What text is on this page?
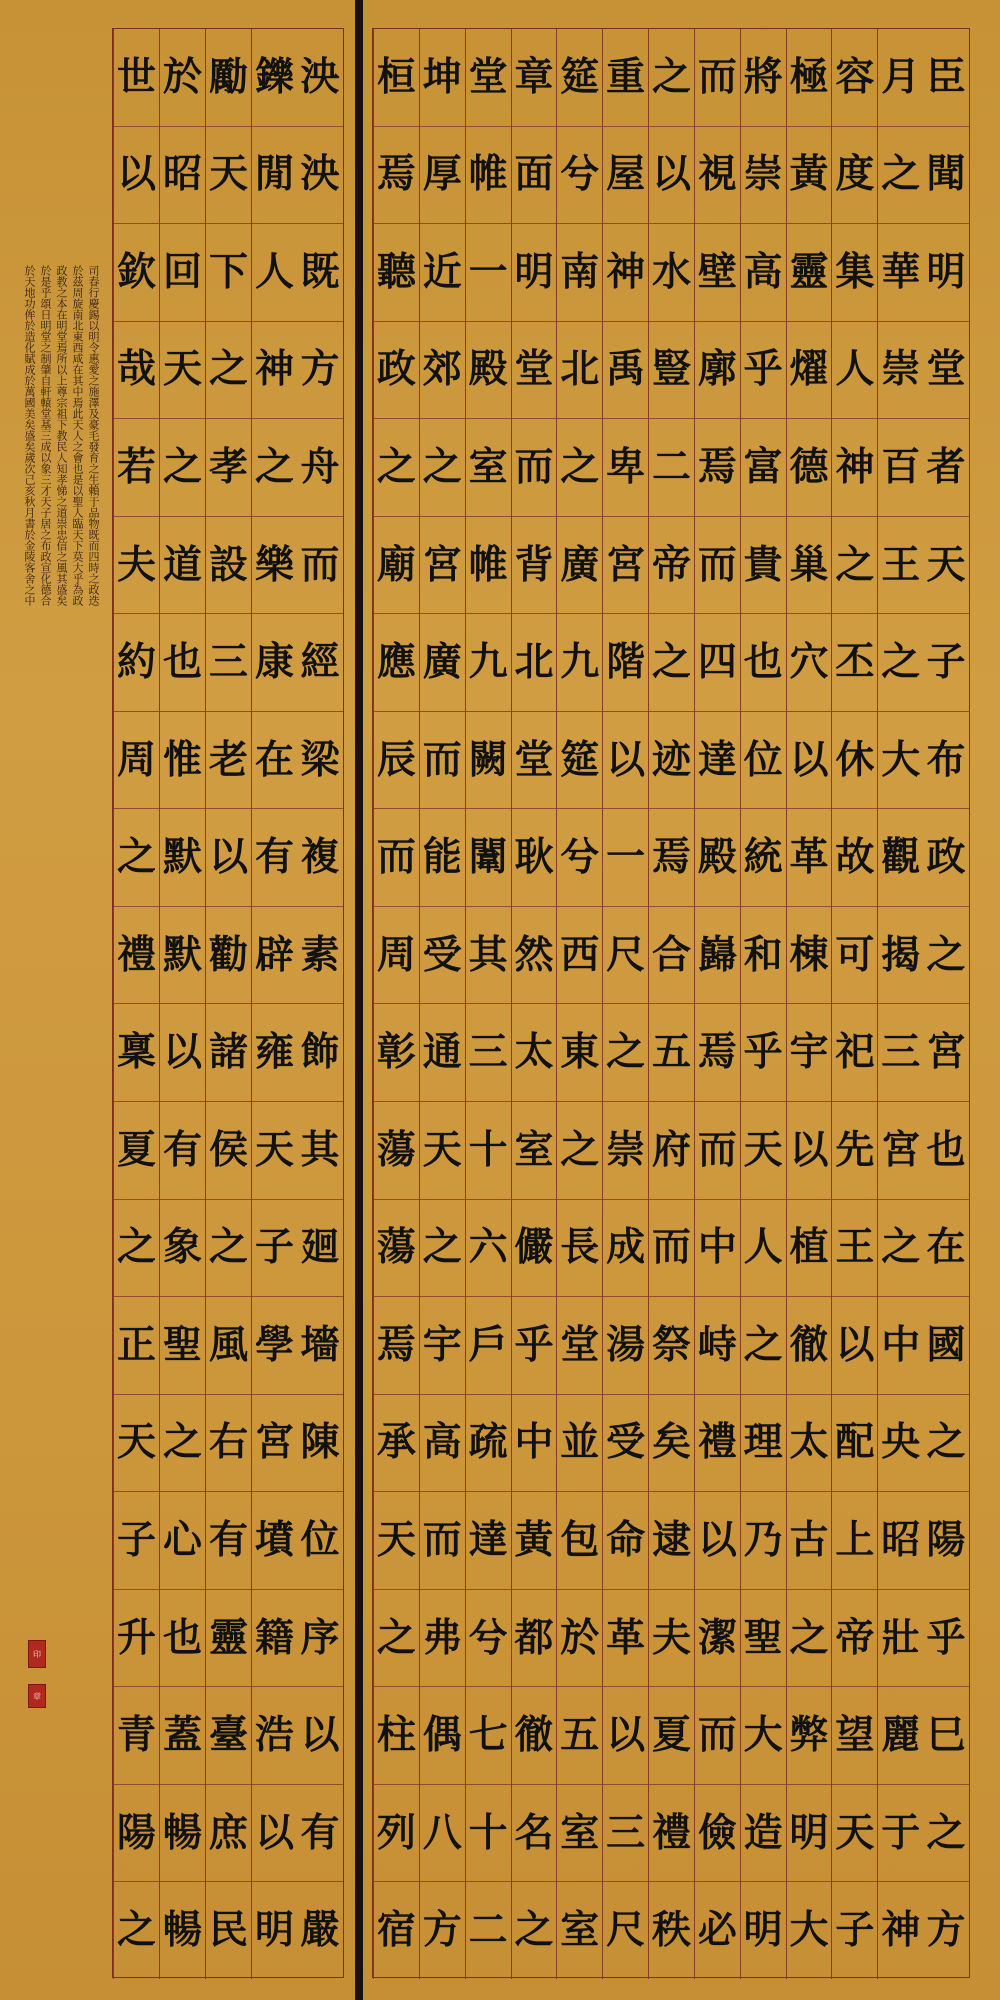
司春行慶錫以明令惠愛之施澤及豪毛發育之生賴于品物既而四時之政迭
於茲周旋南北東西咸在其中焉此天人之會也是以聖人臨天下莫大乎為政
政教之本在明堂焉所以上尊宗祖下教民人知孝悌之道崇忠信之風其盛矣
於是乎頌日明堂之制肇自軒轅堂基三成以象三才天子居之布政宣化德合
於天地功侔於造化賦成於萬國美矣盛矣歲次己亥秋月書於金陵客舍之中
印
章
泱
泱
既
方
舟
而
經
梁
複
素
飾
其
廻
墻
陳
位
序
以
有
嚴
鑠
閒
人
神
之
樂
康
在
有
辟
雍
天
子
學
宮
墳
籍
浩
以
明
勵
天
下
之
孝
設
三
老
以
勸
諸
侯
之
風
右
有
靈
臺
庶
民
於
昭
回
天
之
道
也
惟
默
默
以
有
象
聖
之
心
也
蓋
暢
暢
世
以
欽
哉
若
夫
約
周
之
禮
稟
夏
之
正
天
子
升
青
陽
之
臣
聞
明
堂
者
天
子
布
政
之
宮
也
在
國
之
陽
乎
巳
之
方
月
之
華
崇
百
王
之
大
觀
揭
三
宮
之
中
央
昭
壯
麗
于
神
容
度
集
人
神
之
丕
休
故
可
祀
先
王
以
配
上
帝
望
天
子
極
黃
靈
燿
德
巢
穴
以
革
棟
宇
以
植
徹
太
古
之
弊
明
大
將
崇
高
乎
富
貴
也
位
統
和
乎
天
人
之
理
乃
聖
大
造
明
而
視
壁
廓
焉
而
四
達
殿
巋
焉
而
中
峙
禮
以
潔
而
儉
必
之
以
水
豎
二
帝
之
迹
焉
合
五
府
而
祭
矣
逮
夫
夏
禮
秩
重
屋
神
禹
卑
宮
階
以
一
尺
之
崇
成
湯
受
命
革
以
三
尺
筵
兮
南
北
之
廣
九
筵
兮
西
東
之
長
堂
並
包
於
五
室
室
章
面
明
堂
而
背
北
堂
耿
然
太
室
儼
乎
中
黃
都
徹
名
之
堂
帷
一
殿
室
帷
九
闕
闈
其
三
十
六
戶
疏
達
兮
七
十
二
坤
厚
近
郊
之
宮
廣
而
能
受
通
天
之
宇
高
而
弗
偶
八
方
桓
焉
聽
政
之
廟
應
辰
而
周
彰
蕩
蕩
焉
承
天
之
柱
列
宿
